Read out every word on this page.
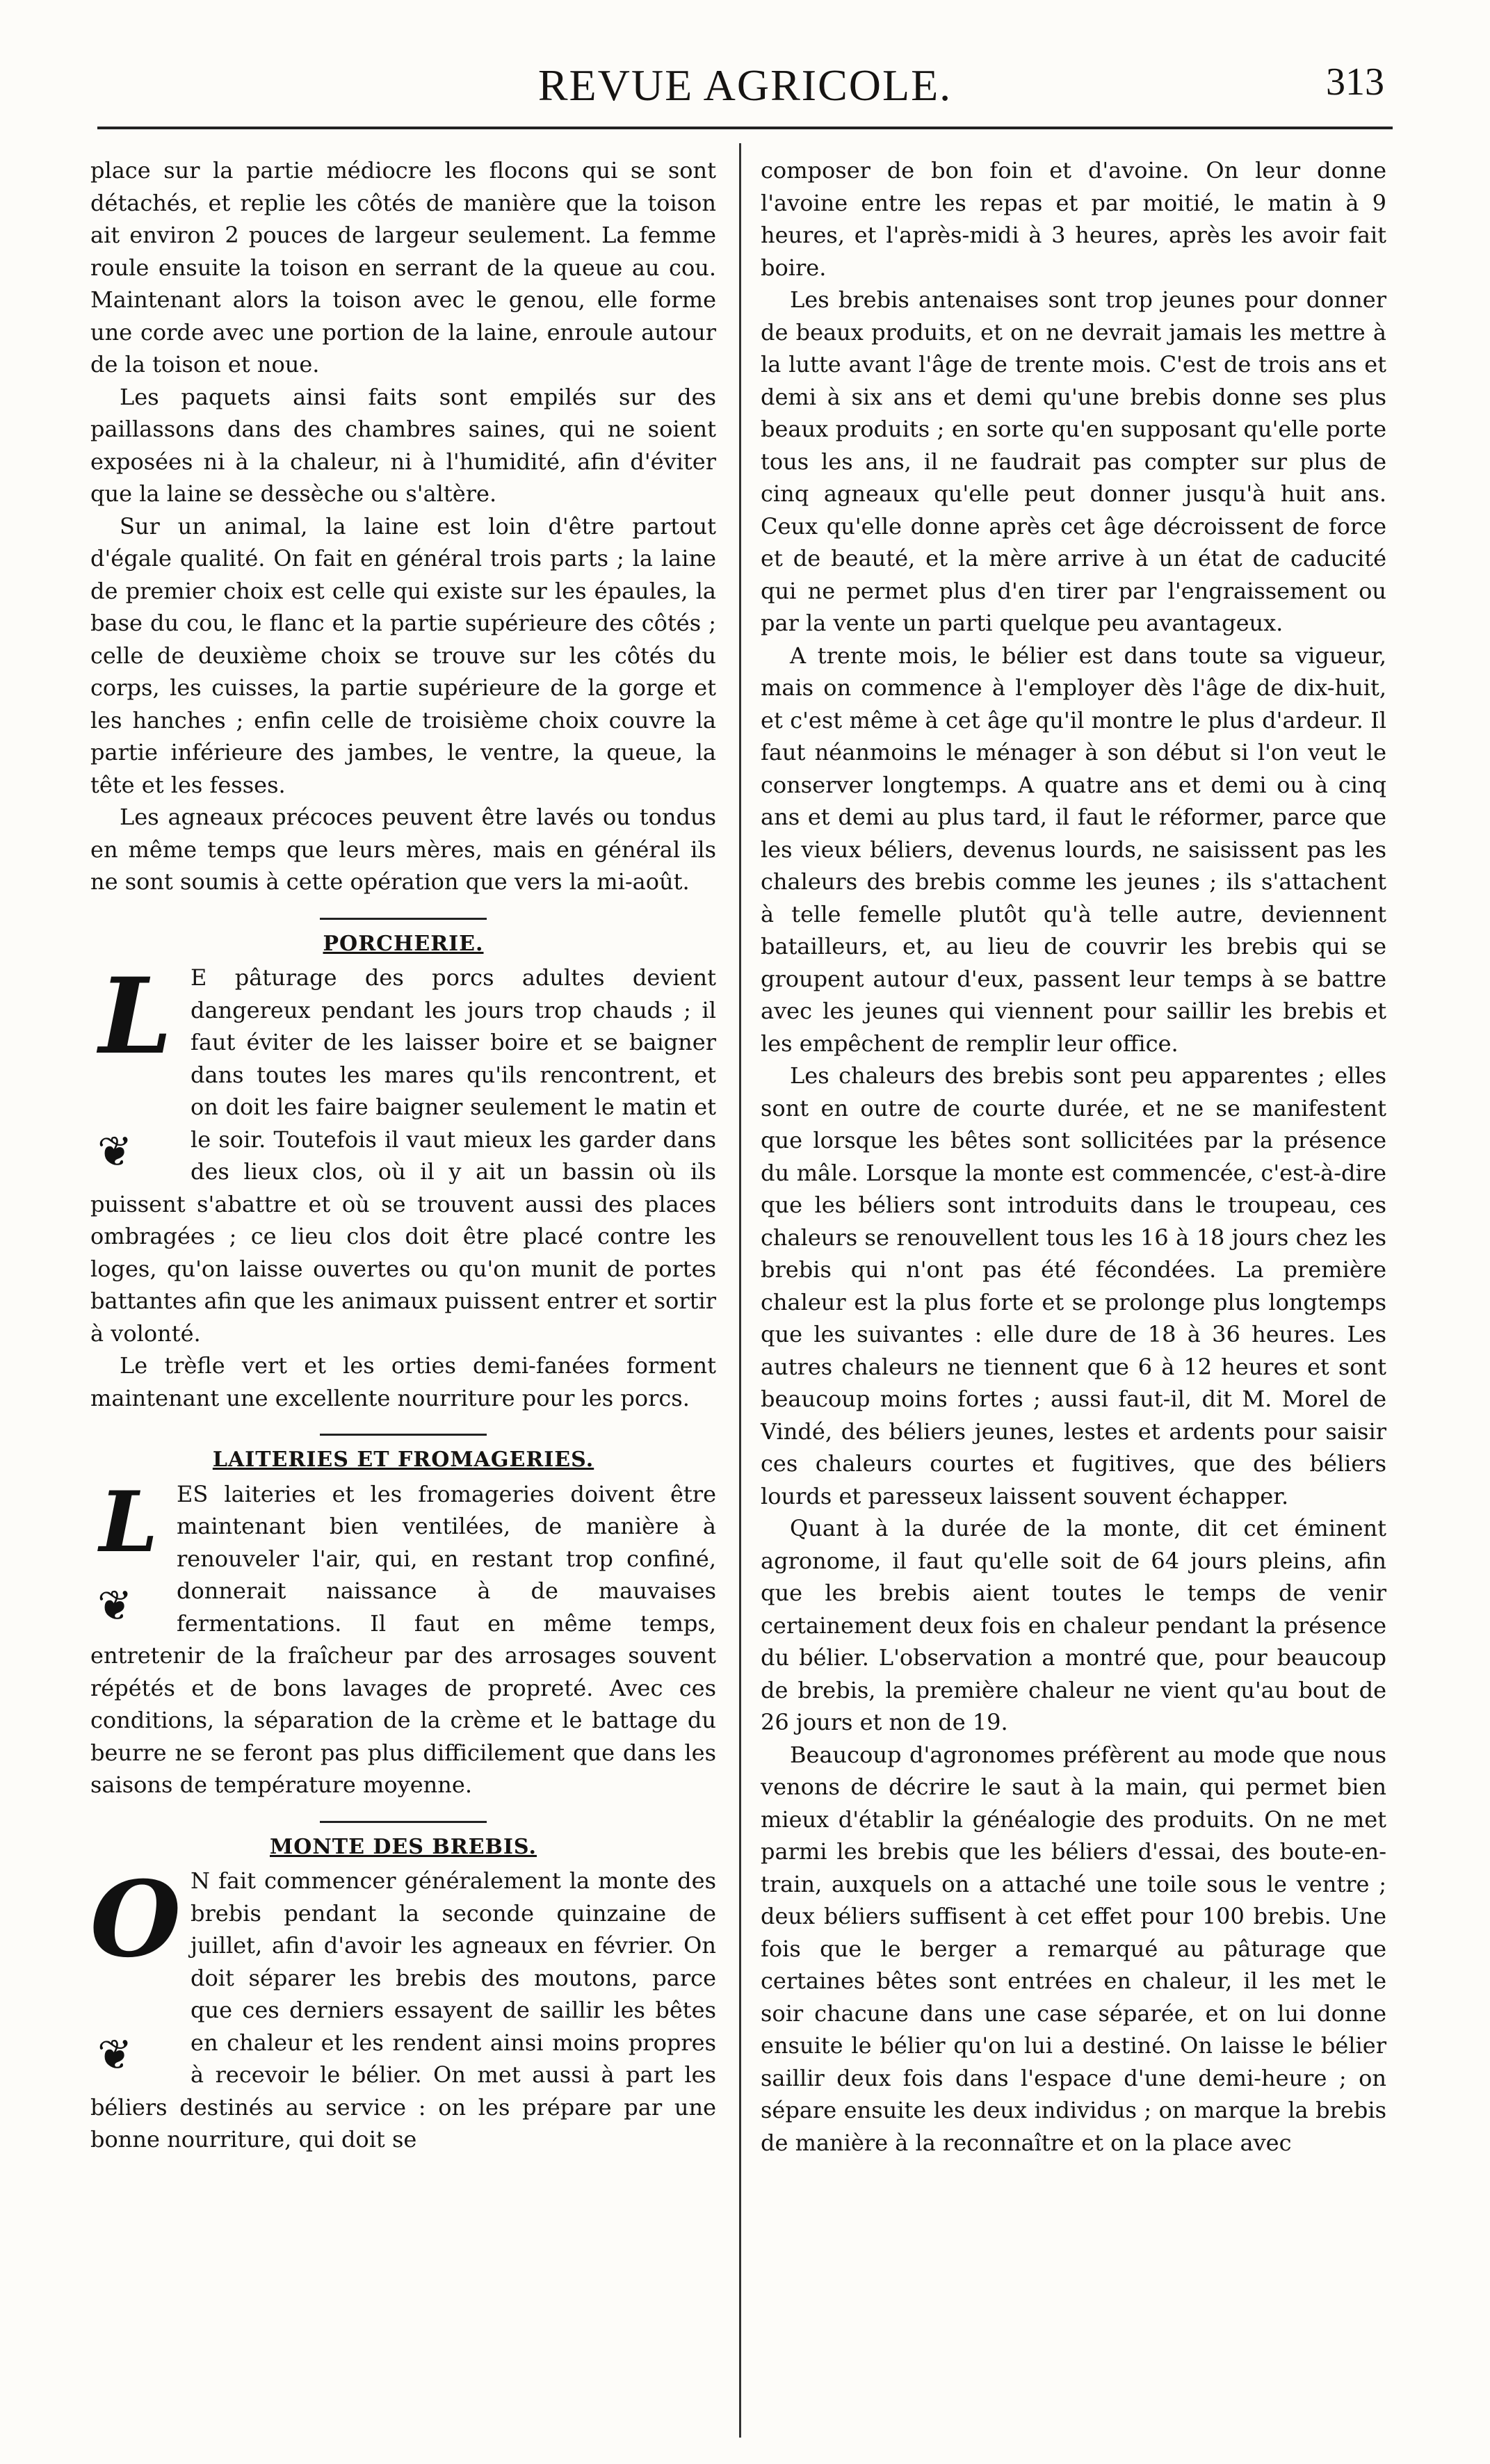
REVUE AGRICOLE.	313

place sur la partie médiocre les flocons qui se sont détachés, et replie les côtés de manière que la toison ait environ 2 pouces de largeur seulement. La femme roule ensuite la toison en serrant de la queue au cou. Maintenant alors la toison avec le genou, elle forme une corde avec une portion de la laine, enroule autour de la toison et noue.

Les paquets ainsi faits sont empilés sur des paillassons dans des chambres saines, qui ne soient exposées ni à la chaleur, ni à l'humidité, afin d'éviter que la laine se dessèche ou s'altère.

Sur un animal, la laine est loin d'être partout d'égale qualité. On fait en général trois parts ; la laine de premier choix est celle qui existe sur les épaules, la base du cou, le flanc et la partie supérieure des côtés ; celle de deuxième choix se trouve sur les côtés du corps, les cuisses, la partie supérieure de la gorge et les hanches ; enfin celle de troisième choix couvre la partie inférieure des jambes, le ventre, la queue, la tête et les fesses.

Les agneaux précoces peuvent être lavés ou tondus en même temps que leurs mères, mais en général ils ne sont soumis à cette opération que vers la mi-août.

PORCHERIE.
L
❦

E pâturage des porcs adultes devient dangereux pendant les jours trop chauds ; il faut éviter de les laisser boire et se baigner dans toutes les mares qu'ils rencontrent, et on doit les faire baigner seulement le matin et le soir. Toutefois il vaut mieux les garder dans des lieux clos, où il y ait un bassin où ils puissent s'abattre et où se trouvent aussi des places ombragées ; ce lieu clos doit être placé contre les loges, qu'on laisse ouvertes ou qu'on munit de portes battantes afin que les animaux puissent entrer et sortir à volonté.

Le trèfle vert et les orties demi-fanées forment maintenant une excellente nourriture pour les porcs.

LAITERIES ET FROMAGERIES.
L
❦

ES laiteries et les fromageries doivent être maintenant bien ventilées, de manière à renouveler l'air, qui, en restant trop confiné, donnerait naissance à de mauvaises fermentations. Il faut en même temps, entretenir de la fraîcheur par des arrosages souvent répétés et de bons lavages de propreté. Avec ces conditions, la séparation de la crème et le battage du beurre ne se feront pas plus difficilement que dans les saisons de température moyenne.

MONTE DES BREBIS.
O
❦

N fait commencer généralement la monte des brebis pendant la seconde quinzaine de juillet, afin d'avoir les agneaux en février. On doit séparer les brebis des moutons, parce que ces derniers essayent de saillir les bêtes en chaleur et les rendent ainsi moins propres à recevoir le bélier. On met aussi à part les béliers destinés au service : on les prépare par une bonne nourriture, qui doit se

composer de bon foin et d'avoine. On leur donne l'avoine entre les repas et par moitié, le matin à 9 heures, et l'après-midi à 3 heures, après les avoir fait boire.

Les brebis antenaises sont trop jeunes pour donner de beaux produits, et on ne devrait jamais les mettre à la lutte avant l'âge de trente mois. C'est de trois ans et demi à six ans et demi qu'une brebis donne ses plus beaux produits ; en sorte qu'en supposant qu'elle porte tous les ans, il ne faudrait pas compter sur plus de cinq agneaux qu'elle peut donner jusqu'à huit ans. Ceux qu'elle donne après cet âge décroissent de force et de beauté, et la mère arrive à un état de caducité qui ne permet plus d'en tirer par l'engraissement ou par la vente un parti quelque peu avantageux.

A trente mois, le bélier est dans toute sa vigueur, mais on commence à l'employer dès l'âge de dix-huit, et c'est même à cet âge qu'il montre le plus d'ardeur. Il faut néanmoins le ménager à son début si l'on veut le conserver longtemps. A quatre ans et demi ou à cinq ans et demi au plus tard, il faut le réformer, parce que les vieux béliers, devenus lourds, ne saisissent pas les chaleurs des brebis comme les jeunes ; ils s'attachent à telle femelle plutôt qu'à telle autre, deviennent batailleurs, et, au lieu de couvrir les brebis qui se groupent autour d'eux, passent leur temps à se battre avec les jeunes qui viennent pour saillir les brebis et les empêchent de remplir leur office.

Les chaleurs des brebis sont peu apparentes ; elles sont en outre de courte durée, et ne se manifestent que lorsque les bêtes sont sollicitées par la présence du mâle. Lorsque la monte est commencée, c'est-à-dire que les béliers sont introduits dans le troupeau, ces chaleurs se renouvellent tous les 16 à 18 jours chez les brebis qui n'ont pas été fécondées. La première chaleur est la plus forte et se prolonge plus longtemps que les suivantes : elle dure de 18 à 36 heures. Les autres chaleurs ne tiennent que 6 à 12 heures et sont beaucoup moins fortes ; aussi faut-il, dit M. Morel de Vindé, des béliers jeunes, lestes et ardents pour saisir ces chaleurs courtes et fugitives, que des béliers lourds et paresseux laissent souvent échapper.

Quant à la durée de la monte, dit cet éminent agronome, il faut qu'elle soit de 64 jours pleins, afin que les brebis aient toutes le temps de venir certainement deux fois en chaleur pendant la présence du bélier. L'observation a montré que, pour beaucoup de brebis, la première chaleur ne vient qu'au bout de 26 jours et non de 19.

Beaucoup d'agronomes préfèrent au mode que nous venons de décrire le saut à la main, qui permet bien mieux d'établir la généalogie des produits. On ne met parmi les brebis que les béliers d'essai, des boute-en-train, auxquels on a attaché une toile sous le ventre ; deux béliers suffisent à cet effet pour 100 brebis. Une fois que le berger a remarqué au pâturage que certaines bêtes sont entrées en chaleur, il les met le soir chacune dans une case séparée, et on lui donne ensuite le bélier qu'on lui a destiné. On laisse le bélier saillir deux fois dans l'espace d'une demi-heure ; on sépare ensuite les deux individus ; on marque la brebis de manière à la reconnaître et on la place avec
